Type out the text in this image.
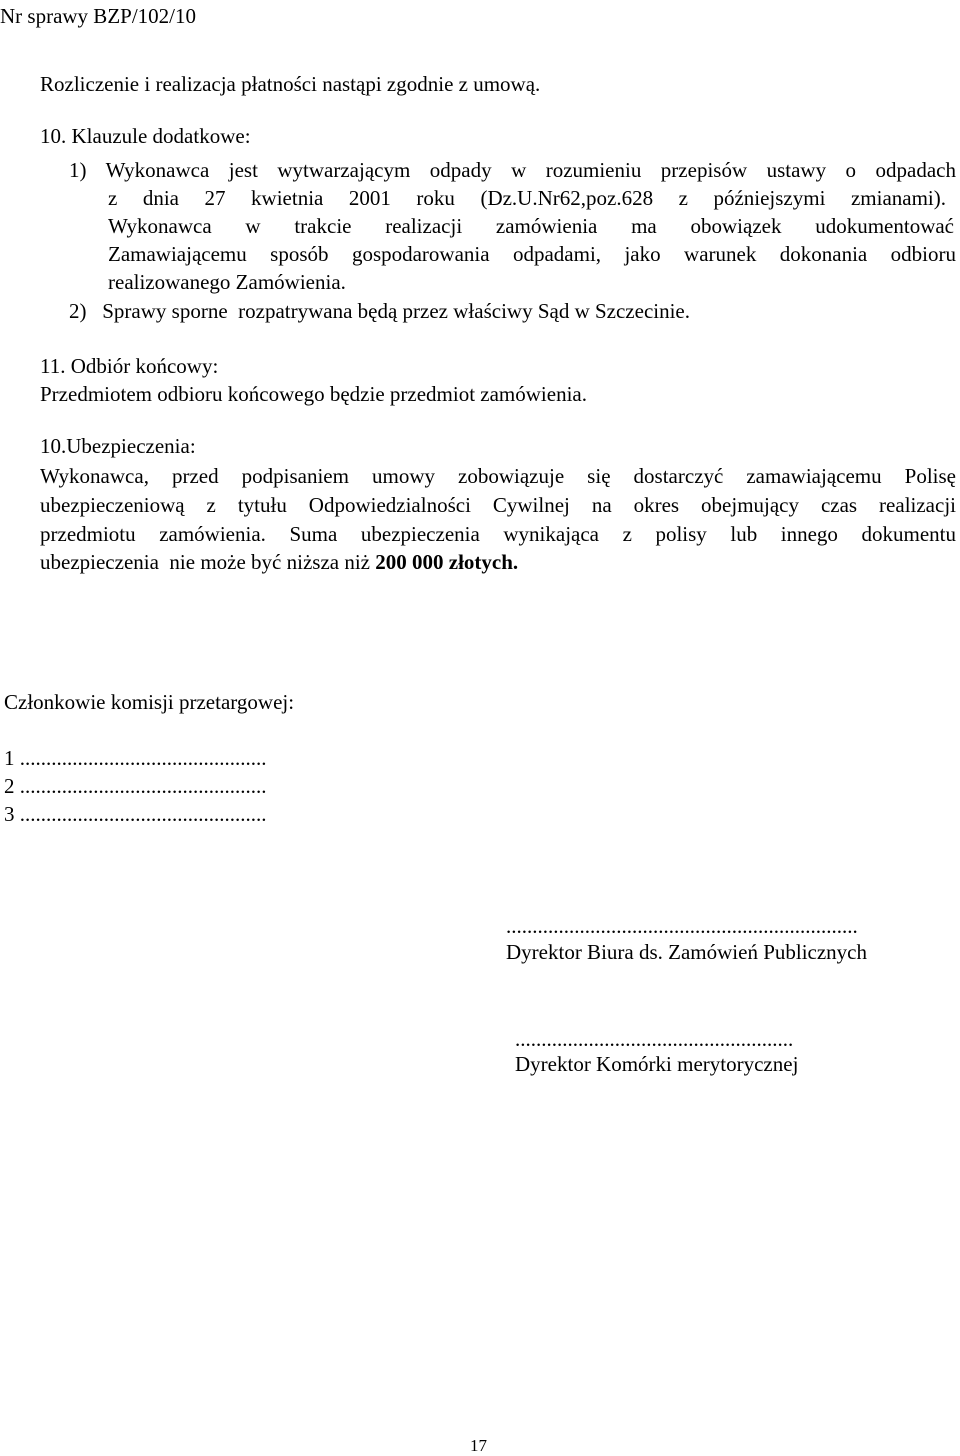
Nr sprawy BZP/102/10
Rozliczenie i realizacja płatności nastąpi zgodnie z umową.
10. Klauzule dodatkowe:
1) Wykonawca jest wytwarzającym odpady w rozumieniu przepisów ustawy o odpadach
z dnia 27 kwietnia 2001 roku (Dz.U.Nr62,poz.628 z późniejszymi zmianami).
Wykonawca w trakcie realizacji zamówienia ma obowiązek udokumentować
Zamawiającemu sposób gospodarowania odpadami, jako warunek dokonania odbioru
realizowanego Zamówienia.
2)   Sprawy sporne  rozpatrywana będą przez właściwy Sąd w Szczecinie.
11. Odbiór końcowy:
Przedmiotem odbioru końcowego będzie przedmiot zamówienia.
10.Ubezpieczenia:
Wykonawca, przed podpisaniem umowy zobowiązuje się dostarczyć zamawiającemu Polisę
ubezpieczeniową z tytułu Odpowiedzialności Cywilnej na okres obejmujący czas realizacji
przedmiotu zamówienia. Suma ubezpieczenia wynikająca z polisy lub innego dokumentu
ubezpieczenia  nie może być niższa niż 200 000 złotych.
Członkowie komisji przetargowej:
1 ...............................................
2 ...............................................
3 ...............................................
...................................................................
Dyrektor Biura ds. Zamówień Publicznych
.....................................................
Dyrektor Komórki merytorycznej
17
